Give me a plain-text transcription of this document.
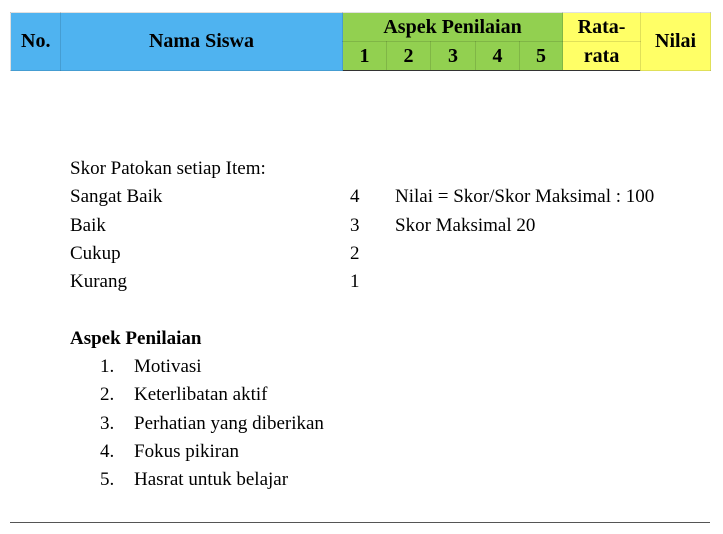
No.	Nama Siswa	Aspek Penilaian					Rata-	Nilai
		1	2	3	4	5	rata	
Skor Patokan setiap Item:
Sangat Baik	4 Nilai = Skor/Skor Maksimal : 100
Baik	3 Skor Maksimal 20
Cukup	2
Kurang	1
Aspek Penilaian
1. Motivasi
2. Keterlibatan aktif
3. Perhatian yang diberikan
4. Fokus pikiran
5. Hasrat untuk belajar
